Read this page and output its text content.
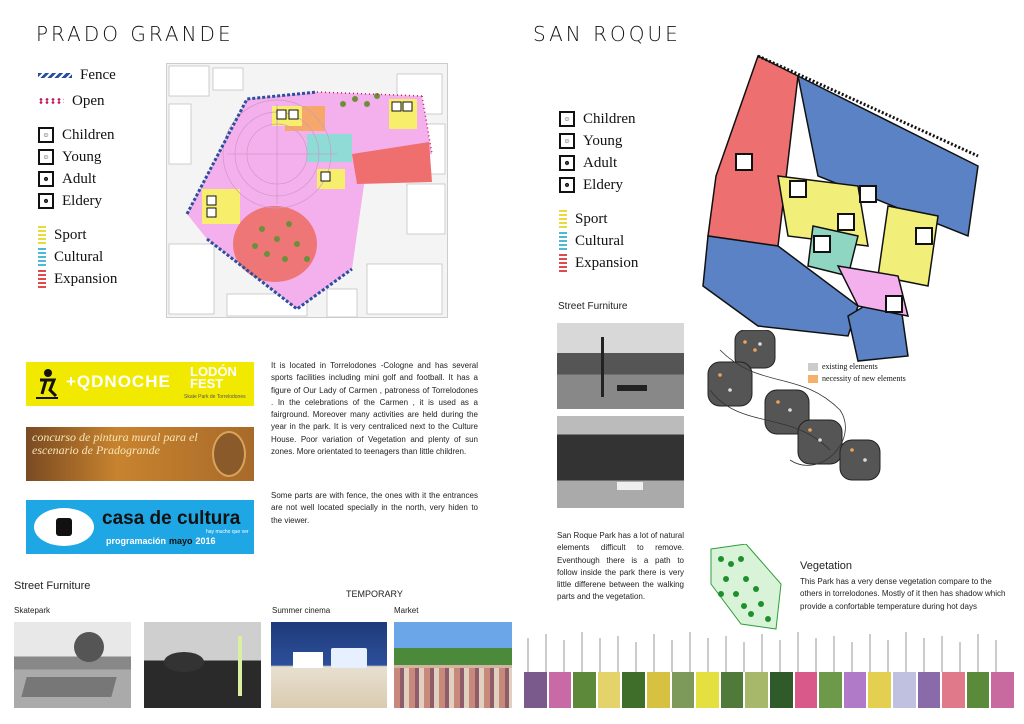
PRADO GRANDE
Fence
Open
☺ Children
☺ Young
☻ Adult
☻ Eldery
Sport
Cultural
Expansion
+QDNOCHE
LODÓN FEST
Skate Park de Torrelodones
concurso de pintura mural para el escenario de Pradogrande
casa de cultura
hay mucho que ver
programación mayo 2016
It is located in Torrelodones -Cologne and has several sports facilities including mini golf and football. It has a figure of Our Lady of Carmen , patroness of Torrelodones . In the celebrations of the Carmen , it is used as a fairground. Moreover many activities are held during the year in the park. It is very centraliced next to the Culture House. Poor variation of Vegetation and plenty of sun zones. More orientated to teenagers than little children.
Some parts are with fence, the ones with it the entrances are not well located specially in the north, very hiden to the viewer.
Street Furniture
TEMPORARY
Skatepark	Summer cinema	Market
SAN ROQUE
☺ Children
☺ Young
☻ Adult
☻ Eldery
Sport
Cultural
Expansion
Street Furniture
existing elements
necessity of new elements
San Roque Park has a lot of natural elements difficult to remove. Eventhough there is a path to follow inside the park there is very little differene between the walking parts and the vegetation.
Vegetation
This Park has a very dense vegetation compare to the others in torrelodones. Mostly of it then has shadow which provide a confortable temperature during hot days
